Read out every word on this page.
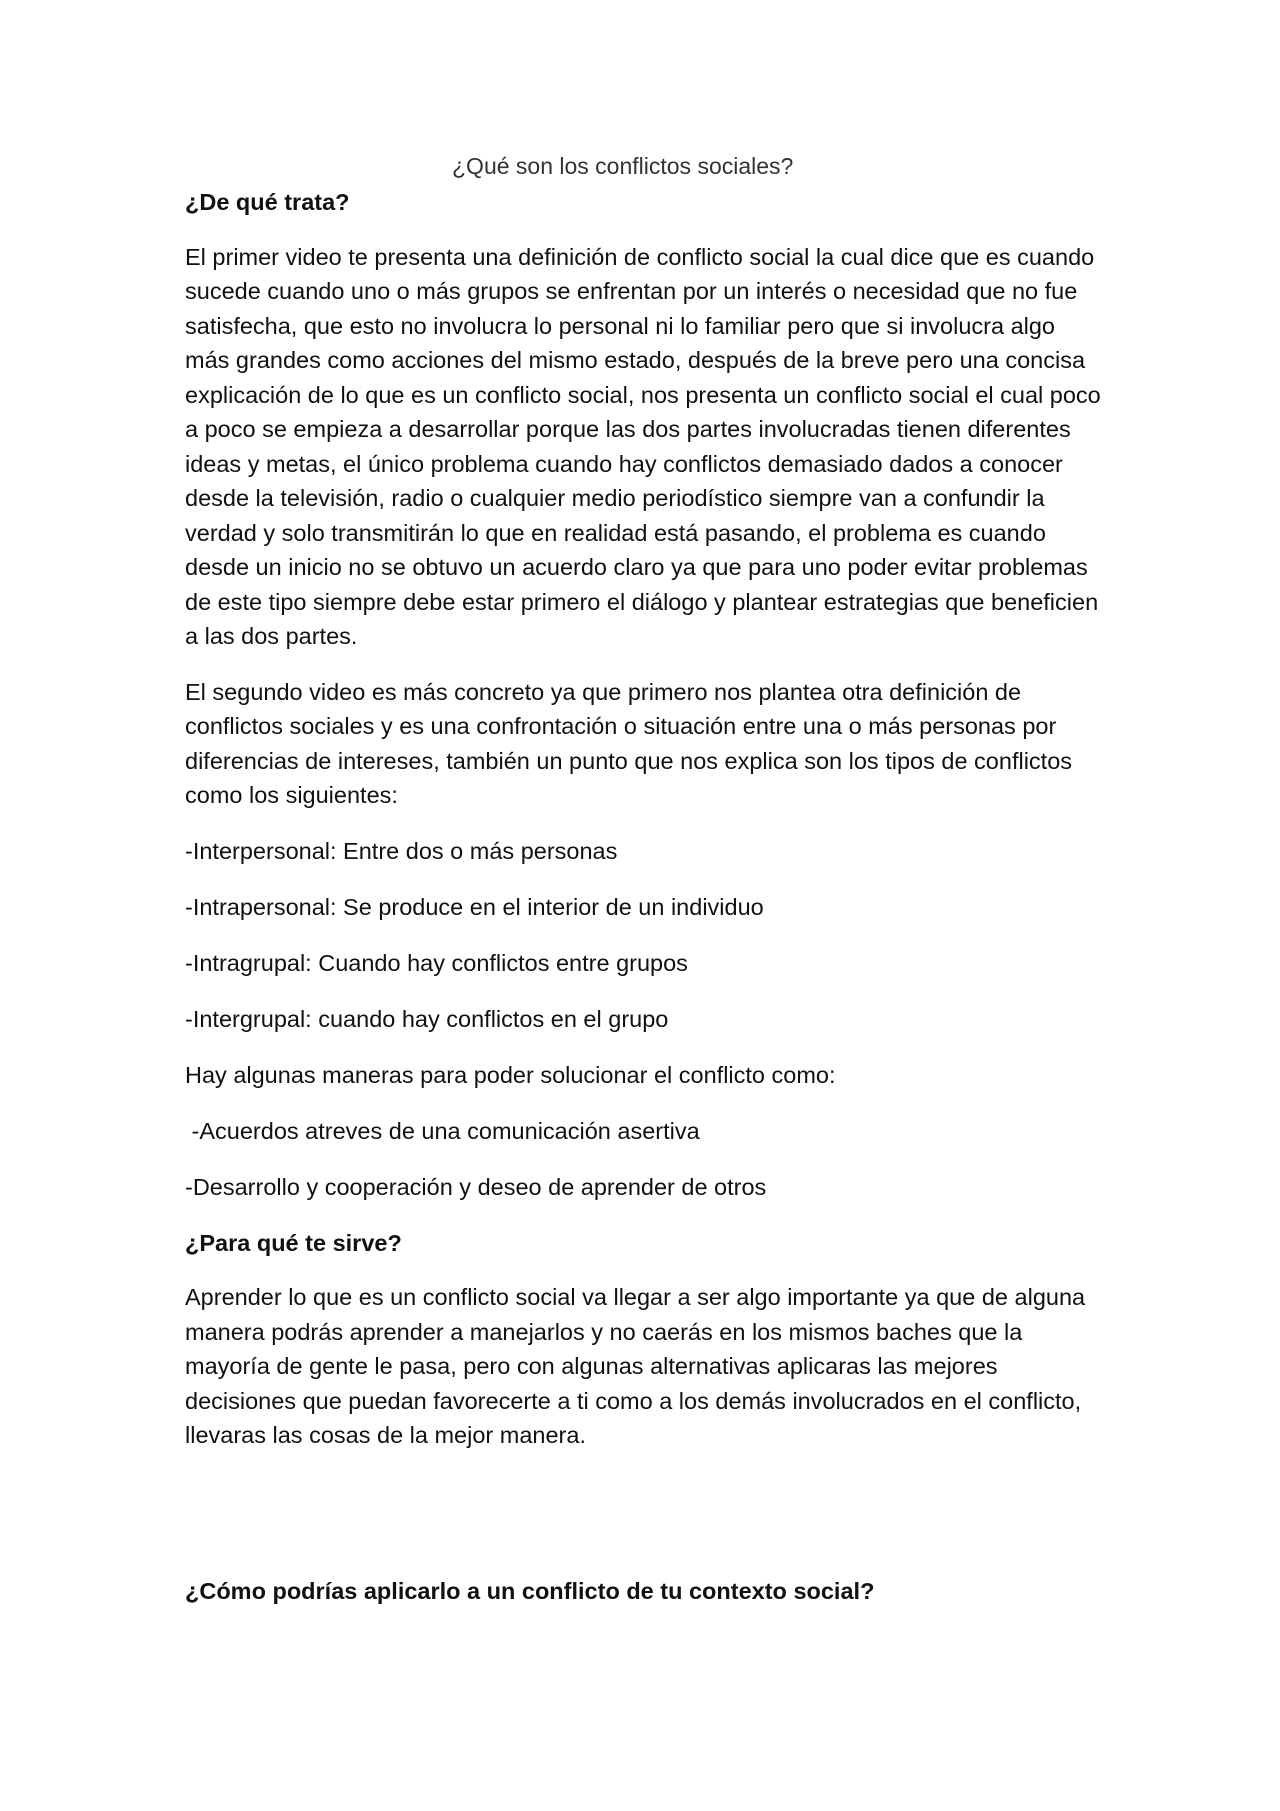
¿Qué son los conflictos sociales?

¿De qué trata?

El primer video te presenta una definición de conflicto social la cual dice que es cuando sucede cuando uno o más grupos se enfrentan por un interés o necesidad que no fue satisfecha, que esto no involucra lo personal ni lo familiar pero que si involucra algo más grandes como acciones del mismo estado, después de la breve pero una concisa explicación de lo que es un conflicto social, nos presenta un conflicto social el cual poco a poco se empieza a desarrollar porque las dos partes involucradas tienen diferentes ideas y metas, el único problema cuando hay conflictos demasiado dados a conocer desde la televisión, radio o cualquier medio periodístico siempre van a confundir la verdad y solo transmitirán lo que en realidad está pasando, el problema es cuando desde un inicio no se obtuvo un acuerdo claro ya que para uno poder evitar problemas de este tipo siempre debe estar primero el diálogo y plantear estrategias que beneficien a las dos partes.

El segundo video es más concreto ya que primero nos plantea otra definición de conflictos sociales y es una confrontación o situación entre una o más personas por diferencias de intereses, también un punto que nos explica son los tipos de conflictos como los siguientes:

-Interpersonal: Entre dos o más personas

-Intrapersonal: Se produce en el interior de un individuo

-Intragrupal: Cuando hay conflictos entre grupos

-Intergrupal: cuando hay conflictos en el grupo

Hay algunas maneras para poder solucionar el conflicto como:

-Acuerdos atreves de una comunicación asertiva

-Desarrollo y cooperación y deseo de aprender de otros

¿Para qué te sirve?

Aprender lo que es un conflicto social va llegar a ser algo importante ya que de alguna manera podrás aprender a manejarlos y no caerás en los mismos baches que la mayoría de gente le pasa, pero con algunas alternativas aplicaras las mejores decisiones que puedan favorecerte a ti como a los demás involucrados en el conflicto, llevaras las cosas de la mejor manera.

¿Cómo podrías aplicarlo a un conflicto de tu contexto social?
